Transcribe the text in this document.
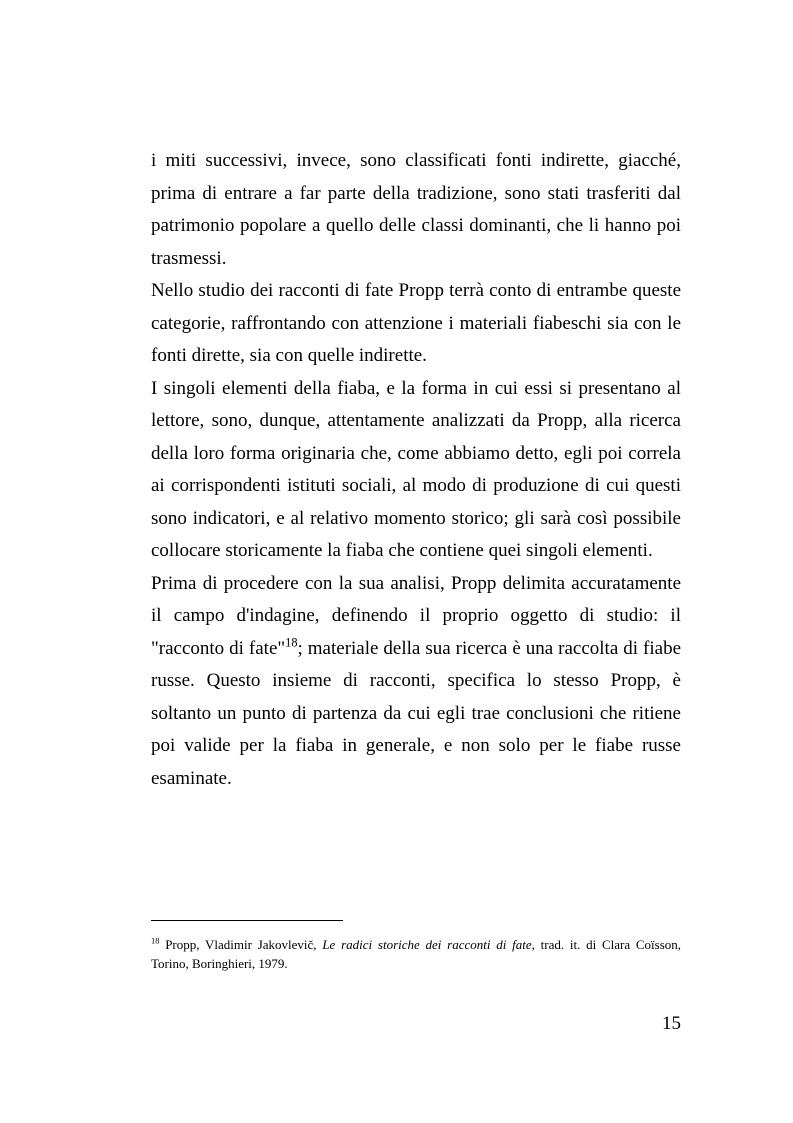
i miti successivi, invece, sono classificati fonti indirette, giacché, prima di entrare a far parte della tradizione, sono stati trasferiti dal patrimonio popolare a quello delle classi dominanti, che li hanno poi trasmessi.

Nello studio dei racconti di fate Propp terrà conto di entrambe queste categorie, raffrontando con attenzione i materiali fiabeschi sia con le fonti dirette, sia con quelle indirette.

I singoli elementi della fiaba, e la forma in cui essi si presentano al lettore, sono, dunque, attentamente analizzati da Propp, alla ricerca della loro forma originaria che, come abbiamo detto, egli poi correla ai corrispondenti istituti sociali, al modo di produzione di cui questi sono indicatori, e al relativo momento storico; gli sarà così possibile collocare storicamente la fiaba che contiene quei singoli elementi.

Prima di procedere con la sua analisi, Propp delimita accuratamente il campo d'indagine, definendo il proprio oggetto di studio: il "racconto di fate"$^{18}$; materiale della sua ricerca è una raccolta di fiabe russe. Questo insieme di racconti, specifica lo stesso Propp, è soltanto un punto di partenza da cui egli trae conclusioni che ritiene poi valide per la fiaba in generale, e non solo per le fiabe russe esaminate.

$^{18}$ Propp, Vladimir Jakovlevič, Le radici storiche dei racconti di fate, trad. it. di Clara Coïsson, Torino, Boringhieri, 1979.
15
